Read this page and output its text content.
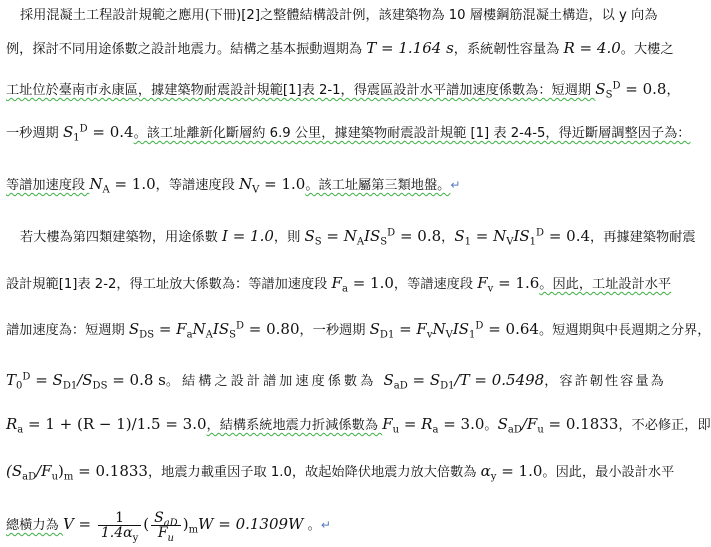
採用混凝土工程設計規範之應用(下冊)[2]之整體結構設計例，該建築物為 10 層樓鋼筋混凝土構造，以 y 向為
例，探討不同用途係數之設計地震力。結構之基本振動週期為 T = 1.164 s，系統韌性容量為 R = 4.0。大樓之
工址位於臺南市永康區，據建築物耐震設計規範[1]表 2-1，得震區設計水平譜加速度係數為：短週期 $S_S^D = 0.8$，
一秒週期 $S_1^D = 0.4$。該工址離新化斷層約 6.9 公里，據建築物耐震設計規範 [1] 表 2-4-5，得近斷層調整因子為：
等譜加速度段 $N_A = 1.0$，等譜速度段 $N_V = 1.0$。該工址屬第三類地盤。↵
若大樓為第四類建築物，用途係數 I = 1.0，則 $S_S = N_AIS_S^D = 0.8$，$S_1 = N_VIS_1^D = 0.4$，再據建築物耐震
設計規範[1]表 2-2，得工址放大係數為：等譜加速度段 $F_a = 1.0$，等譜速度段 $F_v = 1.6$。因此，工址設計水平
譜加速度為：短週期 $S_{DS} = F_aN_AIS_S^D = 0.80$，一秒週期 $S_{D1} = F_vN_VIS_1^D = 0.64$。短週期與中長週期之分界，
$T_0^D = S_{D1}/S_{DS} = 0.8$ s。結構之設計譜加速度係數為 $S_{aD} = S_{D1}/T = 0.5498$，容許韌性容量為
$R_a = 1 + (R - 1)/1.5 = 3.0$，結構系統地震力折減係數為 $F_u = R_a = 3.0$。$S_{aD}/F_u = 0.1833$，不必修正，即
$(S_{aD}/F_u)_m = 0.1833$，地震力載重因子取 1.0，故起始降伏地震力放大倍數為 $\alpha_y = 1.0$。因此，最小設計水平
總橫力為 $V = \frac{1}{1.4\alpha_y}$ ( $\frac{S_{aD}}{F_u} )_mW = 0.1309W$ 。↵
